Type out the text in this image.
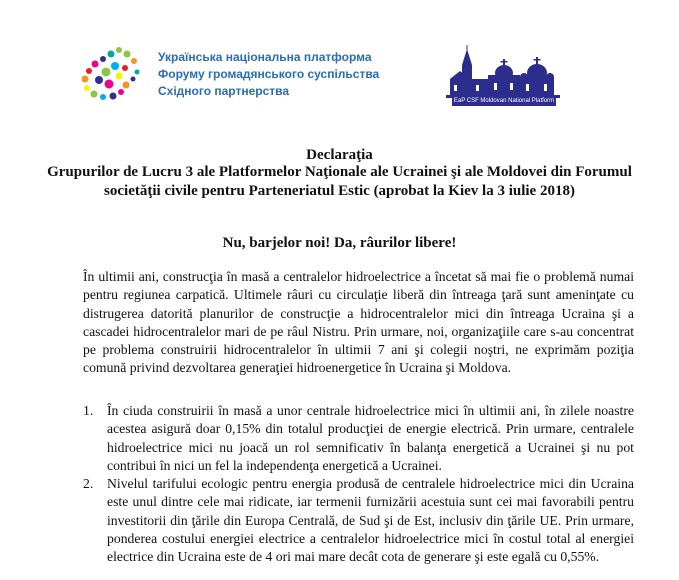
Українська національна платформа
Форуму громадянського суспільства
Східного партнерства
EaP CSF Moldovan National Platform
Declaraţia
Grupurilor de Lucru 3 ale Platformelor Naţionale ale Ucrainei şi ale Moldovei din Forumul societăţii civile pentru Parteneriatul Estic (aprobat la Kiev la 3 iulie 2018)
Nu, barjelor noi! Da, râurilor libere!
În ultimii ani, construcţia în masă a centralelor hidroelectrice a încetat să mai fie o problemă numai pentru regiunea carpatică. Ultimele râuri cu circulaţie liberă din întreaga ţară sunt ameninţate cu distrugerea datorită planurilor de construcţie a hidrocentralelor mici din întreaga Ucraina şi a cascadei hidrocentralelor mari de pe râul Nistru. Prin urmare, noi, organizaţiile care s-au concentrat pe problema construirii hidrocentralelor în ultimii 7 ani şi colegii noştri, ne exprimăm poziţia comună privind dezvoltarea generaţiei hidroenergetice în Ucraina şi Moldova.
1. În ciuda construirii în masă a unor centrale hidroelectrice mici în ultimii ani, în zilele noastre acestea asigură doar 0,15% din totalul producţiei de energie electrică. Prin urmare, centralele hidroelectrice mici nu joacă un rol semnificativ în balanţa energetică a Ucrainei şi nu pot contribui în nici un fel la independenţa energetică a Ucrainei.
2. Nivelul tarifului ecologic pentru energia produsă de centralele hidroelectrice mici din Ucraina este unul dintre cele mai ridicate, iar termenii furnizării acestuia sunt cei mai favorabili pentru investitorii din ţările din Europa Centrală, de Sud şi de Est, inclusiv din ţările UE. Prin urmare, ponderea costului energiei electrice a centralelor hidroelectrice mici în costul total al energiei electrice din Ucraina este de 4 ori mai mare decât cota de generare şi este egală cu 0,55%.
